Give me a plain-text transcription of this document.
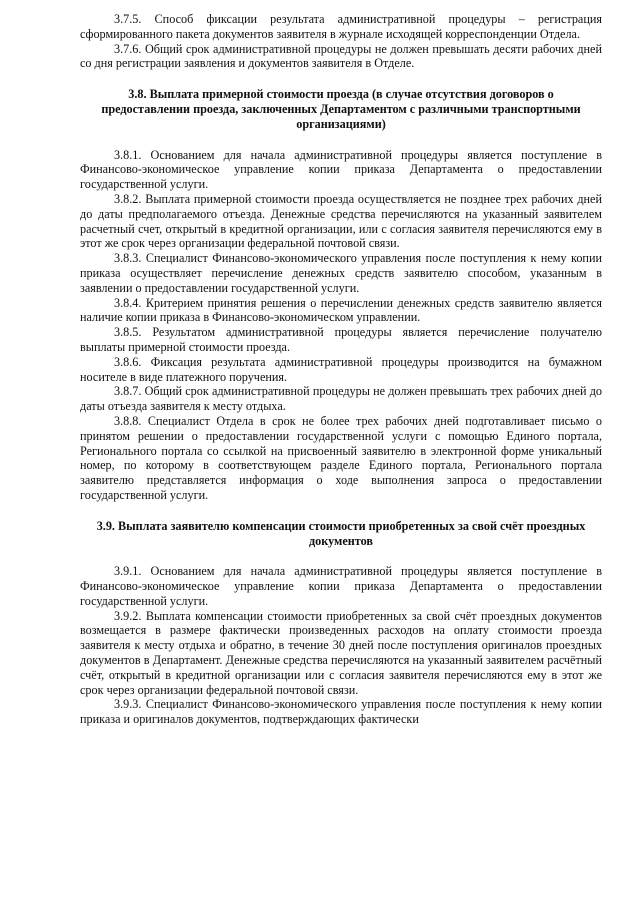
3.7.5. Способ фиксации результата административной процедуры – регистрация сформированного пакета документов заявителя в журнале исходящей корреспонденции Отдела.

3.7.6. Общий срок административной процедуры не должен превышать десяти рабочих дней со дня регистрации заявления и документов заявителя в Отделе.

3.8. Выплата примерной стоимости проезда (в случае отсутствия договоров о предоставлении проезда, заключенных Департаментом с различными транспортными организациями)

3.8.1. Основанием для начала административной процедуры является поступление в Финансово-экономическое управление копии приказа Департамента о предоставлении государственной услуги.

3.8.2. Выплата примерной стоимости проезда осуществляется не позднее трех рабочих дней до даты предполагаемого отъезда. Денежные средства перечисляются на указанный заявителем расчетный счет, открытый в кредитной организации, или с согласия заявителя перечисляются ему в этот же срок через организации федеральной почтовой связи.

3.8.3. Специалист Финансово-экономического управления после поступления к нему копии приказа осуществляет перечисление денежных средств заявителю способом, указанным в заявлении о предоставлении государственной услуги.

3.8.4. Критерием принятия решения о перечислении денежных средств заявителю является наличие копии приказа в Финансово-экономическом управлении.

3.8.5. Результатом административной процедуры является перечисление получателю выплаты примерной стоимости проезда.

3.8.6. Фиксация результата административной процедуры производится на бумажном носителе в виде платежного поручения.

3.8.7. Общий срок административной процедуры не должен превышать трех рабочих дней до даты отъезда заявителя к месту отдыха.

3.8.8. Специалист Отдела в срок не более трех рабочих дней подготавливает письмо о принятом решении о предоставлении государственной услуги с помощью Единого портала, Регионального портала со ссылкой на присвоенный заявителю в электронной форме уникальный номер, по которому в соответствующем разделе Единого портала, Регионального портала заявителю представляется информация о ходе выполнения запроса о предоставлении государственной услуги.

3.9. Выплата заявителю компенсации стоимости приобретенных за свой счёт проездных документов

3.9.1. Основанием для начала административной процедуры является поступление в Финансово-экономическое управление копии приказа Департамента о предоставлении государственной услуги.

3.9.2. Выплата компенсации стоимости приобретенных за свой счёт проездных документов возмещается в размере фактически произведенных расходов на оплату стоимости проезда заявителя к месту отдыха и обратно, в течение 30 дней после поступления оригиналов проездных документов в Департамент. Денежные средства перечисляются на указанный заявителем расчётный счёт, открытый в кредитной организации или с согласия заявителя перечисляются ему в этот же срок через организации федеральной почтовой связи.

3.9.3. Специалист Финансово-экономического управления после поступления к нему копии приказа и оригиналов документов, подтверждающих фактически
